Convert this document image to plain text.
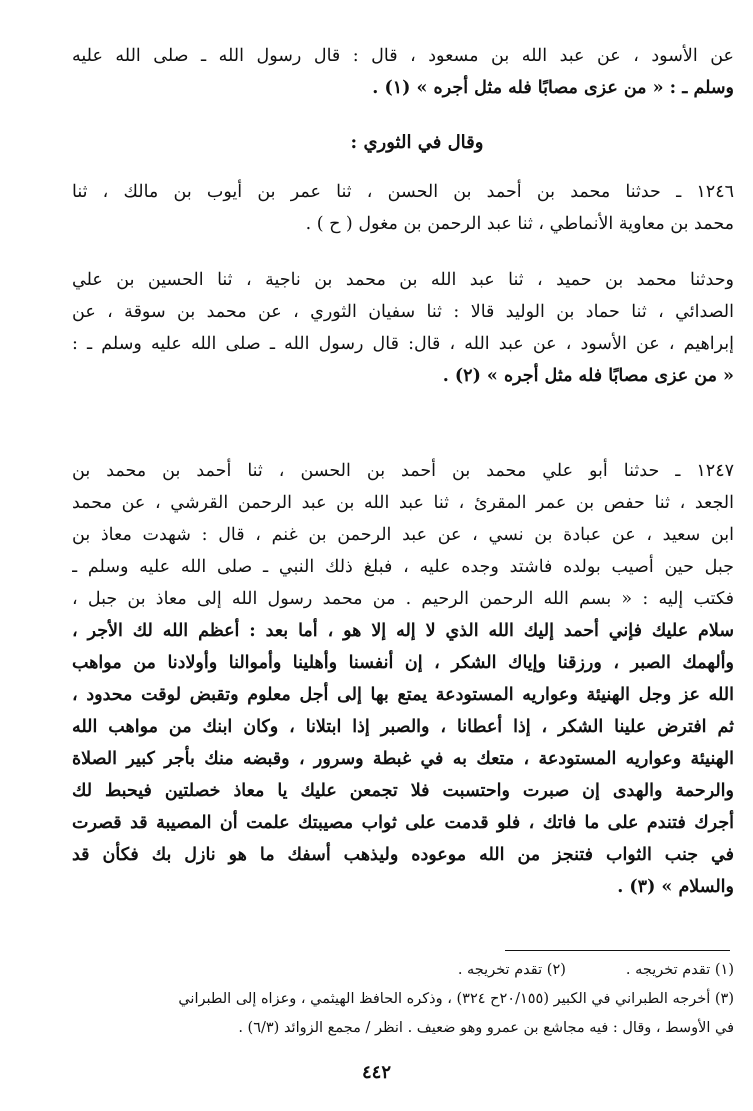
عن الأسود ، عن عبد الله بن مسعود ، قال : قال رسول الله ـ صلى الله عليه
وسلم ـ : « من عزى مصابًا فله مثل أجره » (١) .
وقال في الثوري :
١٢٤٦ ـ حدثنا محمد بن أحمد بن الحسن ، ثنا عمر بن أيوب بن مالك ، ثنا
محمد بن معاوية الأنماطي ، ثنا عبد الرحمن بن مغول ( ح ) .
وحدثنا محمد بن حميد ، ثنا عبد الله بن محمد بن ناجية ، ثنا الحسين بن علي
الصدائي ، ثنا حماد بن الوليد قالا : ثنا سفيان الثوري ، عن محمد بن سوقة ، عن
إبراهيم ، عن الأسود ، عن عبد الله ، قال: قال رسول الله ـ صلى الله عليه وسلم ـ :
« من عزى مصابًا فله مثل أجره » (٢) .
١٢٤٧ ـ حدثنا أبو علي محمد بن أحمد بن الحسن ، ثنا أحمد بن محمد بن
الجعد ، ثنا حفص بن عمر المقرئ ، ثنا عبد الله بن عبد الرحمن القرشي ، عن محمد
ابن سعيد ، عن عبادة بن نسي ، عن عبد الرحمن بن غنم ، قال : شهدت معاذ بن
جبل حين أصيب بولده فاشتد وجده عليه ، فبلغ ذلك النبي ـ صلى الله عليه وسلم ـ
فكتب إليه : « بسم الله الرحمن الرحيم . من محمد رسول الله إلى معاذ بن جبل ،
سلام عليك فإني أحمد إليك الله الذي لا إله إلا هو ، أما بعد : أعظم الله لك الأجر ،
وألهمك الصبر ، ورزقنا وإياك الشكر ، إن أنفسنا وأهلينا وأموالنا وأولادنا من مواهب
الله عز وجل الهنيئة وعواريه المستودعة يمتع بها إلى أجل معلوم وتقبض لوقت محدود ،
ثم افترض علينا الشكر ، إذا أعطانا ، والصبر إذا ابتلانا ، وكان ابنك من مواهب الله
الهنيئة وعواريه المستودعة ، متعك به في غبطة وسرور ، وقبضه منك بأجر كبير الصلاة
والرحمة والهدى إن صبرت واحتسبت فلا تجمعن عليك يا معاذ خصلتين فيحبط لك
أجرك فتندم على ما فاتك ، فلو قدمت على ثواب مصيبتك علمت أن المصيبة قد قصرت
في جنب الثواب فتنجز من الله موعوده وليذهب أسفك ما هو نازل بك فكأن قد
والسلام » (٣) .
(١) تقدم تخريجه .
(٢) تقدم تخريجه .
(٣) أخرجه الطبراني في الكبير (٢٠/١٥٥ح ٣٢٤) ، وذكره الحافظ الهيثمي ، وعزاه إلى الطبراني
في الأوسط ، وقال : فيه مجاشع بن عمرو وهو ضعيف . انظر / مجمع الزوائد (٦/٣) .
٤٤٢
